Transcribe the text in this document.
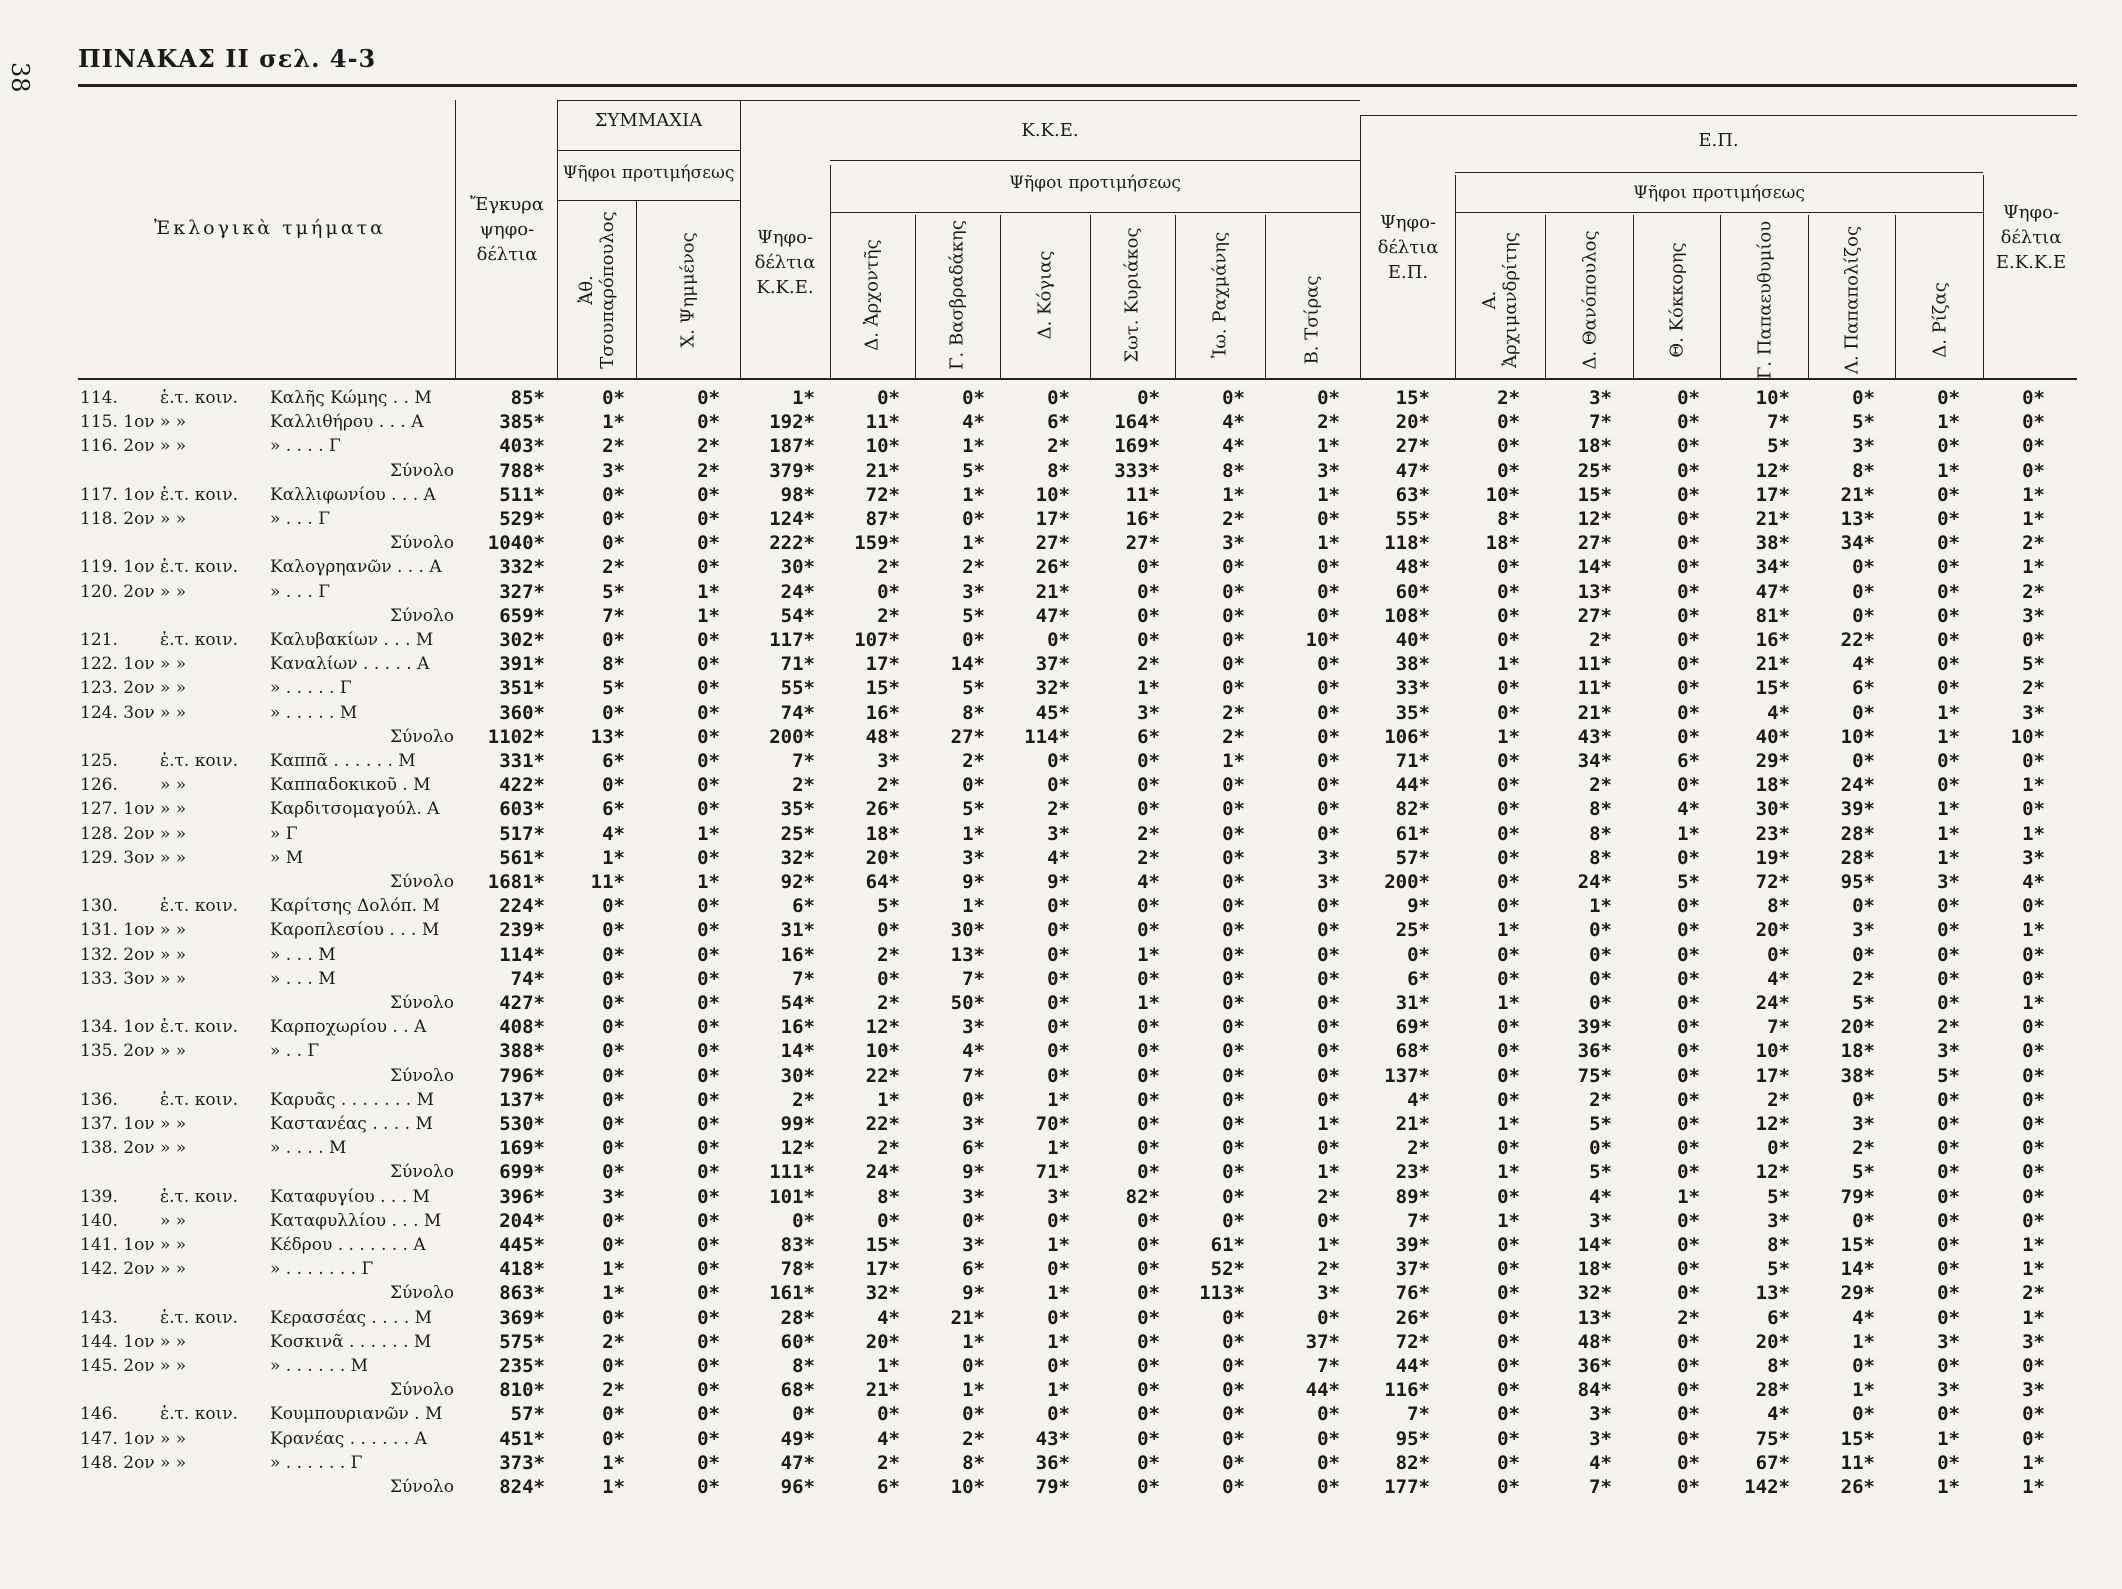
38
ΠΙΝΑΚΑΣ II σελ. 4-3
Ἐκλογικὰ τμήματα
Ἔγκυρα
ψηφο-
δέλτια
ΣΥΜΜΑΧΙΑ
Ψῆφοι προτιμήσεως
Ἀθ. Τσουπαρόπουλος	Χ. Ψημμένος
Κ.Κ.Ε.
Ψηφο-
δέλτια
Κ.Κ.Ε.
Ψῆφοι προτιμήσεως
Δ. Ἀρχοντῆς	Γ. Βασβραδάκης	Δ. Κόγιας	Σωτ. Κυριάκος	Ἰω. Ραχμάνης	Β. Τσίρας
Ε.Π.
Ψηφο-
δέλτια
Ε.Π.
Ψῆφοι προτιμήσεως
Α. Ἀρχιμανδρίτης	Δ. Θανόπουλος	Θ. Κόκκορης	Γ. Παπαευθυμίου	Λ. Παπαπολίζος	Δ. Ρίζας
Ψηφο-
δέλτια
Ε.Κ.Κ.Ε
114. ἑ.τ. κοιν. Καλῆς Κώμης . . Μ	85*	0*	0*	1*	0*	0*	0*	0*	0*	0*	15*	2*	3*	0*	10*	0*	0*	0*
115. 1ον » »	Καλλιθήρου . . . Α	385*	1*	0*	192*	11*	4*	6*	164*	4*	2*	20*	0*	7*	0*	7*	5*	1*	0*
116. 2ον » »	» . . . . Γ	403*	2*	2*	187*	10*	1*	2*	169*	4*	1*	27*	0*	18*	0*	5*	3*	0*	0*
Σύνολο	788*	3*	2*	379*	21*	5*	8*	333*	8*	3*	47*	0*	25*	0*	12*	8*	1*	0*
117. 1ον ἑ.τ. κοιν. Καλλιφωνίου . . . Α	511*	0*	0*	98*	72*	1*	10*	11*	1*	1*	63*	10*	15*	0*	17*	21*	0*	1*
118. 2ον » »	» . . . Γ	529*	0*	0*	124*	87*	0*	17*	16*	2*	0*	55*	8*	12*	0*	21*	13*	0*	1*
Σύνολο	1040*	0*	0*	222*	159*	1*	27*	27*	3*	1*	118*	18*	27*	0*	38*	34*	0*	2*
119. 1ον ἑ.τ. κοιν. Καλογρηανῶν . . . Α	332*	2*	0*	30*	2*	2*	26*	0*	0*	0*	48*	0*	14*	0*	34*	0*	0*	1*
120. 2ον » »	» . . . Γ	327*	5*	1*	24*	0*	3*	21*	0*	0*	0*	60*	0*	13*	0*	47*	0*	0*	2*
Σύνολο	659*	7*	1*	54*	2*	5*	47*	0*	0*	0*	108*	0*	27*	0*	81*	0*	0*	3*
121. ἑ.τ. κοιν. Καλυβακίων . . . Μ	302*	0*	0*	117*	107*	0*	0*	0*	0*	10*	40*	0*	2*	0*	16*	22*	0*	0*
122. 1ον » »	Καναλίων . . . . . Α	391*	8*	0*	71*	17*	14*	37*	2*	0*	0*	38*	1*	11*	0*	21*	4*	0*	5*
123. 2ον » »	» . . . . . Γ	351*	5*	0*	55*	15*	5*	32*	1*	0*	0*	33*	0*	11*	0*	15*	6*	0*	2*
124. 3ον » »	» . . . . . Μ	360*	0*	0*	74*	16*	8*	45*	3*	2*	0*	35*	0*	21*	0*	4*	0*	1*	3*
Σύνολο	1102*	13*	0*	200*	48*	27*	114*	6*	2*	0*	106*	1*	43*	0*	40*	10*	1*	10*
125. ἑ.τ. κοιν. Καππᾶ . . . . . . Μ	331*	6*	0*	7*	3*	2*	0*	0*	1*	0*	71*	0*	34*	6*	29*	0*	0*	0*
126. » »	Καππαδοκικοῦ . Μ	422*	0*	0*	2*	2*	0*	0*	0*	0*	0*	44*	0*	2*	0*	18*	24*	0*	1*
127. 1ον » »	Καρδιτσομαγούλ. Α	603*	6*	0*	35*	26*	5*	2*	0*	0*	0*	82*	0*	8*	4*	30*	39*	1*	0*
128. 2ον » »	» Γ	517*	4*	1*	25*	18*	1*	3*	2*	0*	0*	61*	0*	8*	1*	23*	28*	1*	1*
129. 3ον » »	» Μ	561*	1*	0*	32*	20*	3*	4*	2*	0*	3*	57*	0*	8*	0*	19*	28*	1*	3*
Σύνολο	1681*	11*	1*	92*	64*	9*	9*	4*	0*	3*	200*	0*	24*	5*	72*	95*	3*	4*
130. ἑ.τ. κοιν. Καρίτσης Δολόπ. Μ	224*	0*	0*	6*	5*	1*	0*	0*	0*	0*	9*	0*	1*	0*	8*	0*	0*	0*
131. 1ον » »	Καροπλεσίου . . . Μ	239*	0*	0*	31*	0*	30*	0*	0*	0*	0*	25*	1*	0*	0*	20*	3*	0*	1*
132. 2ον » »	» . . . Μ	114*	0*	0*	16*	2*	13*	0*	1*	0*	0*	0*	0*	0*	0*	0*	0*	0*	0*
133. 3ον » »	» . . . Μ	74*	0*	0*	7*	0*	7*	0*	0*	0*	0*	6*	0*	0*	0*	4*	2*	0*	0*
Σύνολο	427*	0*	0*	54*	2*	50*	0*	1*	0*	0*	31*	1*	0*	0*	24*	5*	0*	1*
134. 1ον ἑ.τ. κοιν. Καρποχωρίου . . Α	408*	0*	0*	16*	12*	3*	0*	0*	0*	0*	69*	0*	39*	0*	7*	20*	2*	0*
135. 2ον » »	» . . Γ	388*	0*	0*	14*	10*	4*	0*	0*	0*	0*	68*	0*	36*	0*	10*	18*	3*	0*
Σύνολο	796*	0*	0*	30*	22*	7*	0*	0*	0*	0*	137*	0*	75*	0*	17*	38*	5*	0*
136. ἑ.τ. κοιν. Καρυᾶς . . . . . . . Μ	137*	0*	0*	2*	1*	0*	1*	0*	0*	0*	4*	0*	2*	0*	2*	0*	0*	0*
137. 1ον » »	Καστανέας . . . . Μ	530*	0*	0*	99*	22*	3*	70*	0*	0*	1*	21*	1*	5*	0*	12*	3*	0*	0*
138. 2ον » »	» . . . . Μ	169*	0*	0*	12*	2*	6*	1*	0*	0*	0*	2*	0*	0*	0*	0*	2*	0*	0*
Σύνολο	699*	0*	0*	111*	24*	9*	71*	0*	0*	1*	23*	1*	5*	0*	12*	5*	0*	0*
139. ἑ.τ. κοιν. Καταφυγίου . . . Μ	396*	3*	0*	101*	8*	3*	3*	82*	0*	2*	89*	0*	4*	1*	5*	79*	0*	0*
140. » »	Καταφυλλίου . . . Μ	204*	0*	0*	0*	0*	0*	0*	0*	0*	0*	7*	1*	3*	0*	3*	0*	0*	0*
141. 1ον » »	Κέδρου . . . . . . . Α	445*	0*	0*	83*	15*	3*	1*	0*	61*	1*	39*	0*	14*	0*	8*	15*	0*	1*
142. 2ον » »	» . . . . . . . Γ	418*	1*	0*	78*	17*	6*	0*	0*	52*	2*	37*	0*	18*	0*	5*	14*	0*	1*
Σύνολο	863*	1*	0*	161*	32*	9*	1*	0*	113*	3*	76*	0*	32*	0*	13*	29*	0*	2*
143. ἑ.τ. κοιν. Κερασσέας . . . . Μ	369*	0*	0*	28*	4*	21*	0*	0*	0*	0*	26*	0*	13*	2*	6*	4*	0*	1*
144. 1ον » »	Κοσκινᾶ . . . . . . Μ	575*	2*	0*	60*	20*	1*	1*	0*	0*	37*	72*	0*	48*	0*	20*	1*	3*	3*
145. 2ον » »	» . . . . . . Μ	235*	0*	0*	8*	1*	0*	0*	0*	0*	7*	44*	0*	36*	0*	8*	0*	0*	0*
Σύνολο	810*	2*	0*	68*	21*	1*	1*	0*	0*	44*	116*	0*	84*	0*	28*	1*	3*	3*
146. ἑ.τ. κοιν. Κουμπουριανῶν . Μ	57*	0*	0*	0*	0*	0*	0*	0*	0*	0*	7*	0*	3*	0*	4*	0*	0*	0*
147. 1ον » »	Κρανέας . . . . . . Α	451*	0*	0*	49*	4*	2*	43*	0*	0*	0*	95*	0*	3*	0*	75*	15*	1*	0*
148. 2ον » »	» . . . . . . Γ	373*	1*	0*	47*	2*	8*	36*	0*	0*	0*	82*	0*	4*	0*	67*	11*	0*	1*
Σύνολο	824*	1*	0*	96*	6*	10*	79*	0*	0*	0*	177*	0*	7*	0*	142*	26*	1*	1*
